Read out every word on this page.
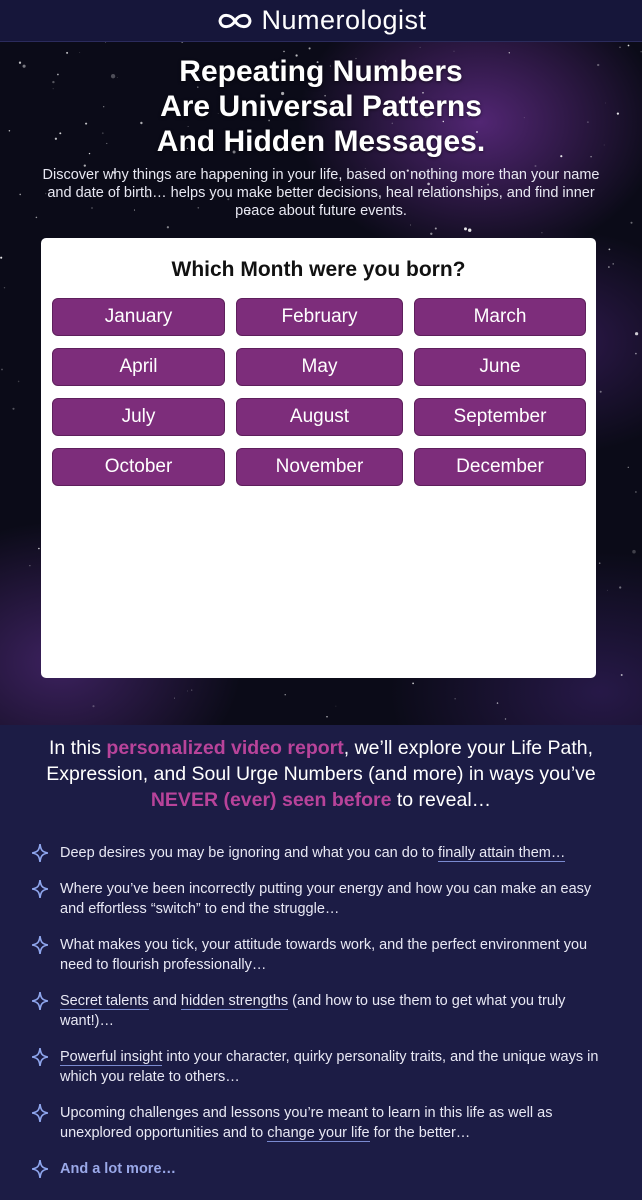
Numerologist
Repeating Numbers
Are Universal Patterns
And Hidden Messages.
Discover why things are happening in your life, based on nothing more than your name and date of birth… helps you make better decisions, heal relationships, and find inner peace about future events.
Which Month were you born?
January	February	March
April	May	June
July	August	September
October	November	December

In this personalized video report, we’ll explore your Life Path, Expression, and Soul Urge Numbers (and more) in ways you’ve NEVER (ever) seen before to reveal…

Deep desires you may be ignoring and what you can do to finally attain them…
Where you’ve been incorrectly putting your energy and how you can make an easy and effortless “switch” to end the struggle…
What makes you tick, your attitude towards work, and the perfect environment you need to flourish professionally…
Secret talents and hidden strengths (and how to use them to get what you truly want!)…
Powerful insight into your character, quirky personality traits, and the unique ways in which you relate to others…
Upcoming challenges and lessons you’re meant to learn in this life as well as unexplored opportunities and to change your life for the better…
And a lot more…
